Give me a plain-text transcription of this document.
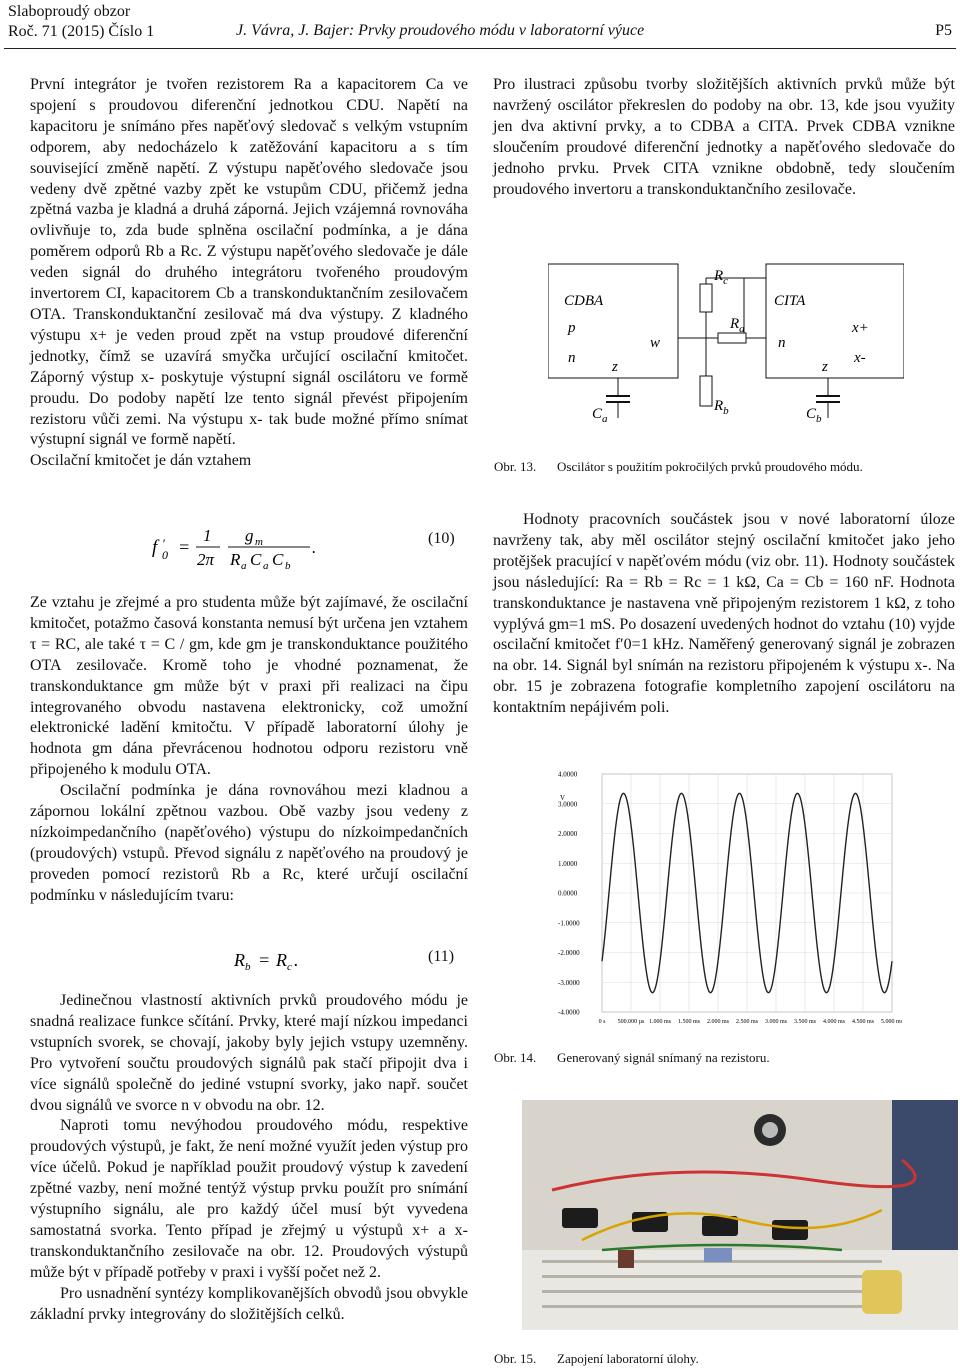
Slaboproudý obzor
Roč. 71 (2015) Číslo 1	J. Vávra, J. Bajer: Prvky proudového módu v laboratorní výuce	P5

První integrátor je tvořen rezistorem Ra a kapacitorem Ca ve spojení s proudovou diferenční jednotkou CDU. Napětí na kapacitoru je snímáno přes napěťový sledovač s velkým vstupním odporem, aby nedocházelo k zatěžování kapacitoru a s tím související změně napětí. Z výstupu napěťového sledovače jsou vedeny dvě zpětné vazby zpět ke vstupům CDU, přičemž jedna zpětná vazba je kladná a druhá záporná. Jejich vzájemná rovnováha ovlivňuje to, zda bude splněna oscilační podmínka, a je dána poměrem odporů Rb a Rc. Z výstupu napěťového sledovače je dále veden signál do druhého integrátoru tvořeného proudovým invertorem CI, kapacitorem Cb a transkonduktančním zesilovačem OTA. Transkonduktanční zesilovač má dva výstupy. Z kladného výstupu x+ je veden proud zpět na vstup proudové diferenční jednotky, čímž se uzavírá smyčka určující oscilační kmitočet. Záporný výstup x- poskytuje výstupní signál oscilátoru ve formě proudu. Do podoby napětí lze tento signál převést připojením rezistoru vůči zemi. Na výstupu x- tak bude možné přímo snímat výstupní signál ve formě napětí.

Oscilační kmitočet je dán vztahem

f ′
0 =
1
2π
g m
R a C a C b
.	(10)

Ze vztahu je zřejmé a pro studenta může být zajímavé, že oscilační kmitočet, potažmo časová konstanta nemusí být určena jen vztahem τ = RC, ale také τ = C / gm, kde gm je transkonduktance použitého OTA zesilovače. Kromě toho je vhodné poznamenat, že transkonduktance gm může být v praxi při realizaci na čipu integrovaného obvodu nastavena elektronicky, což umožní elektronické ladění kmitočtu. V případě laboratorní úlohy je hodnota gm dána převrácenou hodnotou odporu rezistoru vně připojeného k modulu OTA.

Oscilační podmínka je dána rovnováhou mezi kladnou a zápornou lokální zpětnou vazbou. Obě vazby jsou vedeny z nízkoimpedančního (napěťového) výstupu do nízkoimpedančních (proudových) vstupů. Převod signálu z napěťového na proudový je proveden pomocí rezistorů Rb a Rc, které určují oscilační podmínku v následujícím tvaru:

R b = R c .	(11)

Jedinečnou vlastností aktivních prvků proudového módu je snadná realizace funkce sčítání. Prvky, které mají nízkou impedanci vstupních svorek, se chovají, jakoby byly jejich vstupy uzemněny. Pro vytvoření součtu proudových signálů pak stačí připojit dva i více signálů společně do jediné vstupní svorky, jako např. součet dvou signálů ve svorce n v obvodu na obr. 12.

Naproti tomu nevýhodou proudového módu, respektive proudových výstupů, je fakt, že není možné využít jeden výstup pro více účelů. Pokud je například použit proudový výstup k zavedení zpětné vazby, není možné tentýž výstup prvku použít pro snímání výstupního signálu, ale pro každý účel musí být vyvedena samostatná svorka. Tento případ je zřejmý u výstupů x+ a x- transkonduktančního zesilovače na obr. 12. Proudových výstupů může být v případě potřeby v praxi i vyšší počet než 2.

Pro usnadnění syntézy komplikovanějších obvodů jsou obvykle základní prvky integrovány do složitějších celků.

Pro ilustraci způsobu tvorby složitějších aktivních prvků může být navržený oscilátor překreslen do podoby na obr. 13, kde jsou využity jen dva aktivní prvky, a to CDBA a CITA. Prvek CDBA vznikne sloučením proudové diferenční jednotky a napěťového sledovače do jednoho prvku. Prvek CITA vznikne obdobně, tedy sloučením proudového invertoru a transkonduktančního zesilovače.

CDBA	CITA
p
n
z
w	n
z
x+
x-
$R_c$
$R_a$
$R_b$
$C_a$	$C_b$
Obr. 13. Oscilátor s použitím pokročilých prvků proudového módu.

Hodnoty pracovních součástek jsou v nové laboratorní úloze navrženy tak, aby měl oscilátor stejný oscilační kmitočet jako jeho protějšek pracující v napěťovém módu (viz obr. 11). Hodnoty součástek jsou následující: Ra = Rb = Rc = 1 kΩ, Ca = Cb = 160 nF. Hodnota transkonduktance je nastavena vně připojeným rezistorem 1 kΩ, z toho vyplývá gm=1 mS. Po dosazení uvedených hodnot do vztahu (10) vyjde oscilační kmitočet f′0=1 kHz. Naměřený generovaný signál je zobrazen na obr. 14. Signál byl snímán na rezistoru připojeném k výstupu x-. Na obr. 15 je zobrazena fotografie kompletního zapojení oscilátoru na kontaktním nepájivém poli.

4.0000
3.0000
2.0000
1.0000
0.0000
-1.0000
-2.0000
-3.0000
-4.0000
0 s 500.000 µs 1.000 ms 1.500 ms 2.000 ms 2.500 ms 3.000 ms 3.500 ms 4.000 ms 4.500 ms 5.000 ms
V
Obr. 14. Generovaný signál snímaný na rezistoru.
Obr. 15. Zapojení laboratorní úlohy.
